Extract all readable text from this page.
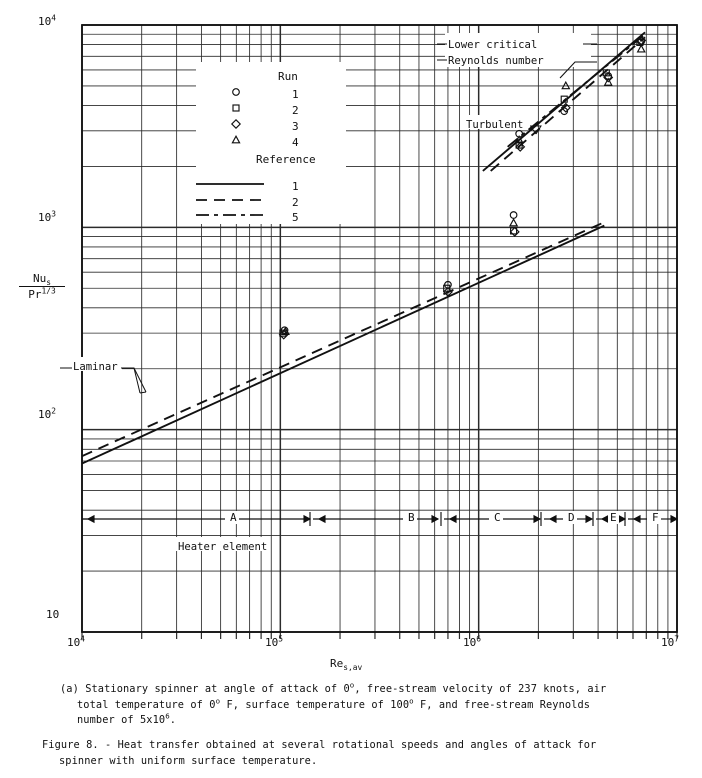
$10^4$
$10^3$
$10^2$
10
$10^4$	$10^5$	$10^6$	$10^7$
$Re_{s,av}$
$Nu_s$
$Pr^{1/3}$
Run
1
2
3
4
Reference
1
2
5
Lower critical
Reynolds number
Turbulent
Laminar
Heater element
A	B	C	D	E	F
(a) Stationary spinner at angle of attack of 0$^o$, free-stream velocity of 237 knots, air
total temperature of 0$^o$ F, surface temperature of 100$^o$ F, and free-stream Reynolds
number of $5x10^6$.
Figure 8. - Heat transfer obtained at several rotational speeds and angles of attack for
spinner with uniform surface temperature.
